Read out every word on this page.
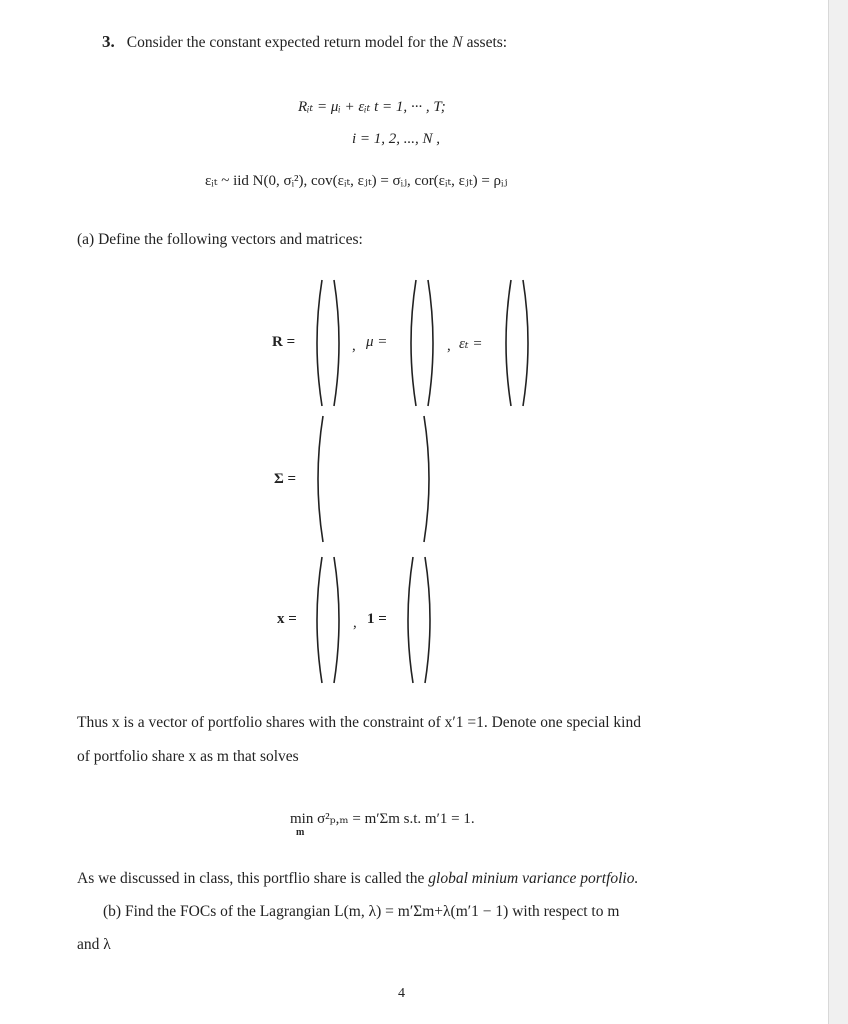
3. Consider the constant expected return model for the N assets:
Rᵢₜ = μᵢ + εᵢₜ t = 1, ··· , T;
i = 1, 2, ..., N ,
εᵢₜ ~ iid N(0, σᵢ²), cov(εᵢₜ, εⱼₜ) = σᵢⱼ, cor(εᵢₜ, εⱼₜ) = ρᵢⱼ
(a) Define the following vectors and matrices:
R =	, μ =	, εₜ =
Σ =
x =	, 1 =
Thus x is a vector of portfolio shares with the constraint of x′1 =1. Denote one special kind
of portfolio share x as m that solves
min σ²ₚ,ₘ = m′Σm s.t. m′1 = 1.
m
As we discussed in class, this portflio share is called the global minium variance portfolio.
(b) Find the FOCs of the Lagrangian L(m, λ) = m′Σm+λ(m′1 − 1) with respect to m
and λ
4
